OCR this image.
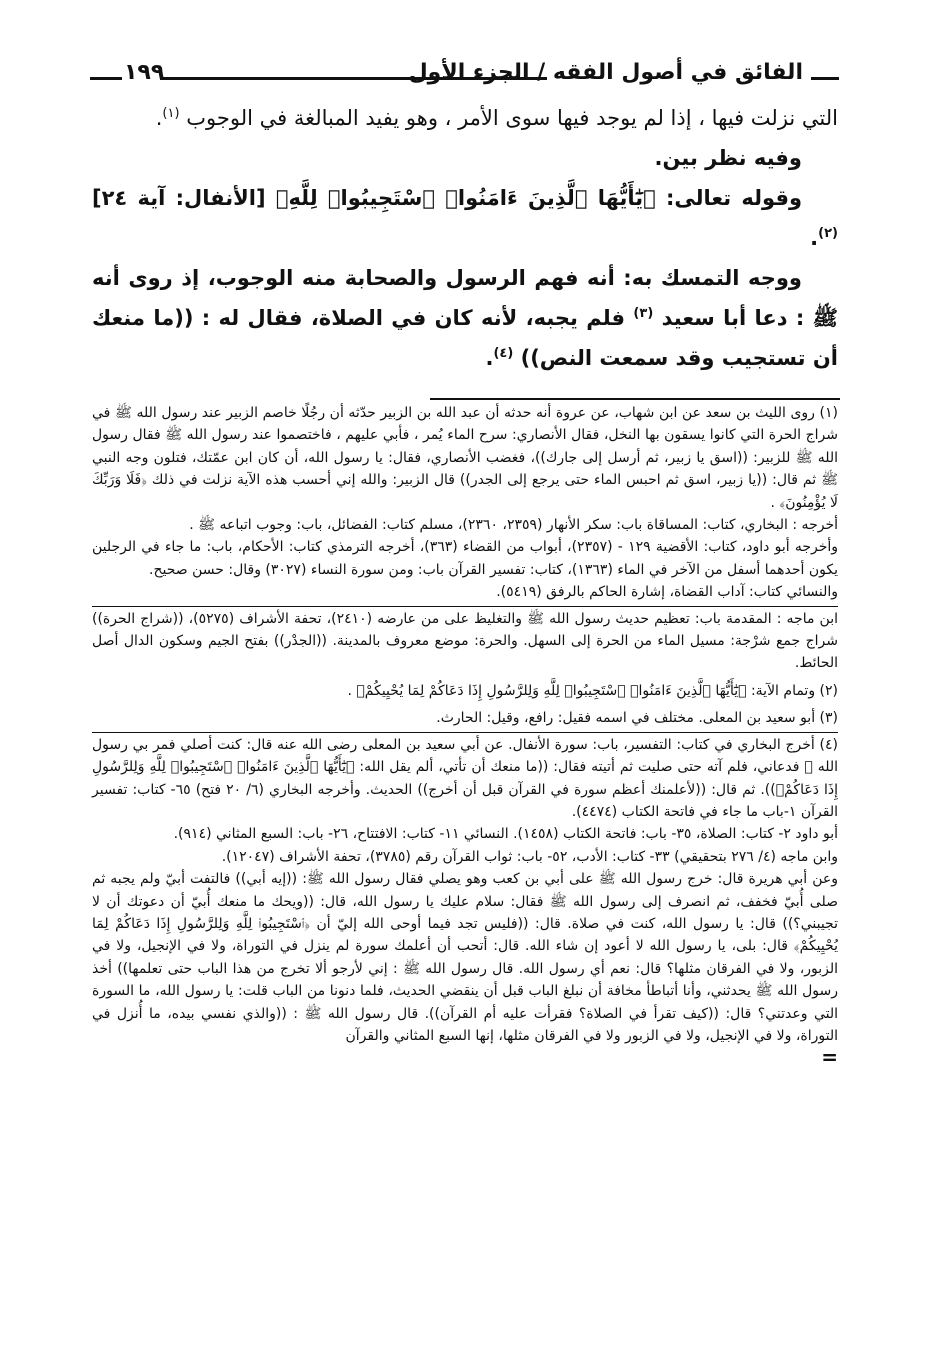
الفائق في أصول الفقه / الجزء الأول
١٩٩

التي نزلت فيها ، إذا لم يوجد فيها سوى الأمر ، وهو يفيد المبالغة في الوجوب $^{(١)}$.

وفيه نظر بين.

وقوله تعالى: ﴿يَٰٓأَيُّهَا ٱلَّذِينَ ءَامَنُوا۟ ٱسْتَجِيبُوا۟ لِلَّهِ﴾ [الأنفال: آية ٢٤] $^{(٢)}$.

ووجه التمسك به: أنه فهم الرسول والصحابة منه الوجوب، إذ روى أنه ﷺ : دعا أبا سعيد $^{(٣)}$ فلم يجبه، لأنه كان في الصلاة، فقال له : ((ما منعك أن تستجيب وقد سمعت النص)) $^{(٤)}$.

(١) روى الليث بن سعد عن ابن شهاب، عن عروة أنه حدثه أن عبد الله بن الزبير حدّثه أن رجُلًا خاصم الزبير عند رسول الله ﷺ في شراج الحرة التي كانوا يسقون بها النخل، فقال الأنصاري: سرح الماء يُمر ، فأبي عليهم ، فاختصموا عند رسول الله ﷺ فقال رسول الله ﷺ للزبير: ((اسق يا زبير، ثم أرسل إلى جارك))، فغضب الأنصاري، فقال: يا رسول الله، أن كان ابن عمّتك، فتلون وجه النبي ﷺ ثم قال: ((يا زبير، اسق ثم احبس الماء حتى يرجع إلى الجدر)) قال الزبير: والله إني أحسب هذه الآية نزلت في ذلك ﴿فَلَا وَرَبِّكَ لَا يُؤْمِنُونَ﴾ .

أخرجه : البخاري، كتاب: المساقاة باب: سكر الأنهار (٢٣٥٩، ٢٣٦٠)، مسلم كتاب: الفضائل، باب: وجوب اتباعه ﷺ .

وأخرجه أبو داود، كتاب: الأقضية ١٢٩ - (٢٣٥٧)، أبواب من القضاء (٣٦٣)، أخرجه الترمذي كتاب: الأحكام، باب: ما جاء في الرجلين يكون أحدهما أسفل من الآخر في الماء (١٣٦٣)، كتاب: تفسير القرآن باب: ومن سورة النساء (٣٠٢٧) وقال: حسن صحيح.

والنسائي كتاب: آداب القضاة، إشارة الحاكم بالرفق (٥٤١٩).

ابن ماجه : المقدمة باب: تعظيم حديث رسول الله ﷺ والتغليظ على من عارضه (٢٤١٠)، تحفة الأشراف (٥٢٧٥)، ((شراج الحرة)) شراج جمع شرْجة: مسيل الماء من الحرة إلى السهل. والحرة: موضع معروف بالمدينة. ((الجدْر)) بفتح الجيم وسكون الدال أصل الحائط.

(٢) وتمام الآية: ﴿يَٰٓأَيُّهَا ٱلَّذِينَ ءَامَنُوا۟ ٱسْتَجِيبُوا۟ لِلَّهِ وَلِلرَّسُولِ إِذَا دَعَاكُمْ لِمَا يُحْيِيكُمْ﴾ .

(٣) أبو سعيد بن المعلى. مختلف في اسمه فقيل: رافع، وقيل: الحارث.

(٤) أخرج البخاري في كتاب: التفسير، باب: سورة الأنفال. عن أبي سعيد بن المعلى رضى الله عنه قال: كنت أصلي فمر بي رسول الله ﷺ فدعاني، فلم آته حتى صليت ثم أتيته فقال: ((ما منعك أن تأتي، ألم يقل الله: ﴿يَٰٓأَيُّهَا ٱلَّذِينَ ءَامَنُوا۟ ٱسْتَجِيبُوا۟ لِلَّهِ وَلِلرَّسُولِ إِذَا دَعَاكُمْ﴾)). ثم قال: ((لأعلمنك أعظم سورة في القرآن قبل أن أخرج)) الحديث. وأخرجه البخاري (٦/ ٢٠ فتح) ٦٥- كتاب: تفسير القرآن ١-باب ما جاء في فاتحة الكتاب (٤٤٧٤).

أبو داود ٢- كتاب: الصلاة، ٣٥- باب: فاتحة الكتاب (١٤٥٨). النسائي ١١- كتاب: الافتتاح، ٢٦- باب: السبع المثاني (٩١٤).

وابن ماجه (٤/ ٢٧٦ بتحقيقي) ٣٣- كتاب: الأدب، ٥٢- باب: ثواب القرآن رقم (٣٧٨٥)، تحفة الأشراف (١٢٠٤٧).

وعن أبي هريرة قال: خرج رسول الله ﷺ على أبي بن كعب وهو يصلي فقال رسول الله ﷺ: ((إيه أبي)) فالتفت أبيّ ولم يجبه ثم صلى أُبيّ فخفف، ثم انصرف إلى رسول الله ﷺ فقال: سلام عليك يا رسول الله، قال: ((ويحك ما منعك أُبيّ أن دعوتك أن لا تجيبني؟)) قال: يا رسول الله، كنت في صلاة. قال: ((فليس تجد فيما أوحى الله إليّ أن ﴿ٱسْتَجِيبُوا۟ لِلَّهِ وَلِلرَّسُولِ إِذَا دَعَاكُمْ لِمَا يُحْيِيكُمْ﴾ قال: بلى، يا رسول الله لا أعود إن شاء الله. قال: أتحب أن أعلمك سورة لم ينزل في التوراة، ولا في الإنجيل، ولا في الزبور، ولا في الفرقان مثلها؟ قال: نعم أي رسول الله. قال رسول الله ﷺ : إني لأرجو ألا تخرج من هذا الباب حتى تعلمها)) أخذ رسول الله ﷺ يحدثني، وأنا أتباطأ مخافة أن نبلغ الباب قبل أن ينقضي الحديث، فلما دنونا من الباب قلت: يا رسول الله، ما السورة التي وعدتني؟ قال: ((كيف تقرأ في الصلاة؟ فقرأت عليه أم القرآن)). قال رسول الله ﷺ : ((والذي نفسي بيده، ما أُنزل في التوراة، ولا في الإنجيل، ولا في الزبور ولا في الفرقان مثلها، إنها السبع المثاني والقرآن

=
